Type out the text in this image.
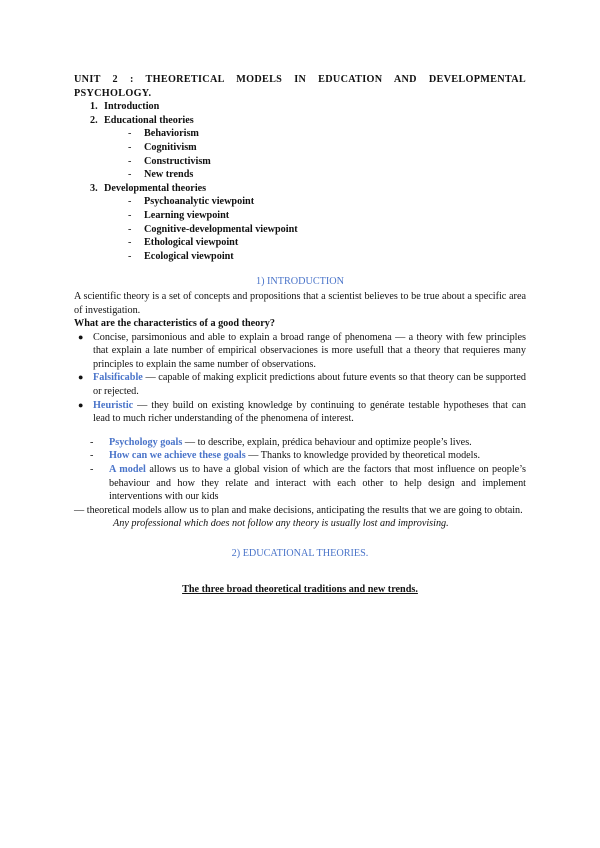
UNIT 2 : THEORETICAL MODELS IN EDUCATION AND DEVELOPMENTAL PSYCHOLOGY.
1. Introduction
2. Educational theories
- Behaviorism
- Cognitivism
- Constructivism
- New trends
3. Developmental theories
- Psychoanalytic viewpoint
- Learning viewpoint
- Cognitive-developmental viewpoint
- Ethological viewpoint
- Ecological viewpoint
1) INTRODUCTION
A scientific theory is a set of concepts and propositions that a scientist believes to be true about a specific area of investigation.
What are the characteristics of a good theory?
● Concise, parsimonious and able to explain a broad range of phenomena — a theory with few principles that explain a late number of empirical observaciones is more usefull that a theory that requieres many principles to explain the same number of observations.
● Falsificable — capable of making explicit predictions about future events so that theory can be supported or rejected.
● Heuristic — they build on existing knowledge by continuing to genérate testable hypotheses that can lead to much richer understanding of the phenomena of interest.
- Psychology goals — to describe, explain, prédica behaviour and optimize people’s lives.
- How can we achieve these goals — Thanks to knowledge provided by theoretical models.
- A model allows us to have a global vision of which are the factors that most influence on people’s behaviour and how they relate and interact with each other to help design and implement interventions with our kids
— theoretical models allow us to plan and make decisions, anticipating the results that we are going to obtain.
Any professional which does not follow any theory is usually lost and improvising.
2) EDUCATIONAL THEORIES.
The three broad theoretical traditions and new trends.
